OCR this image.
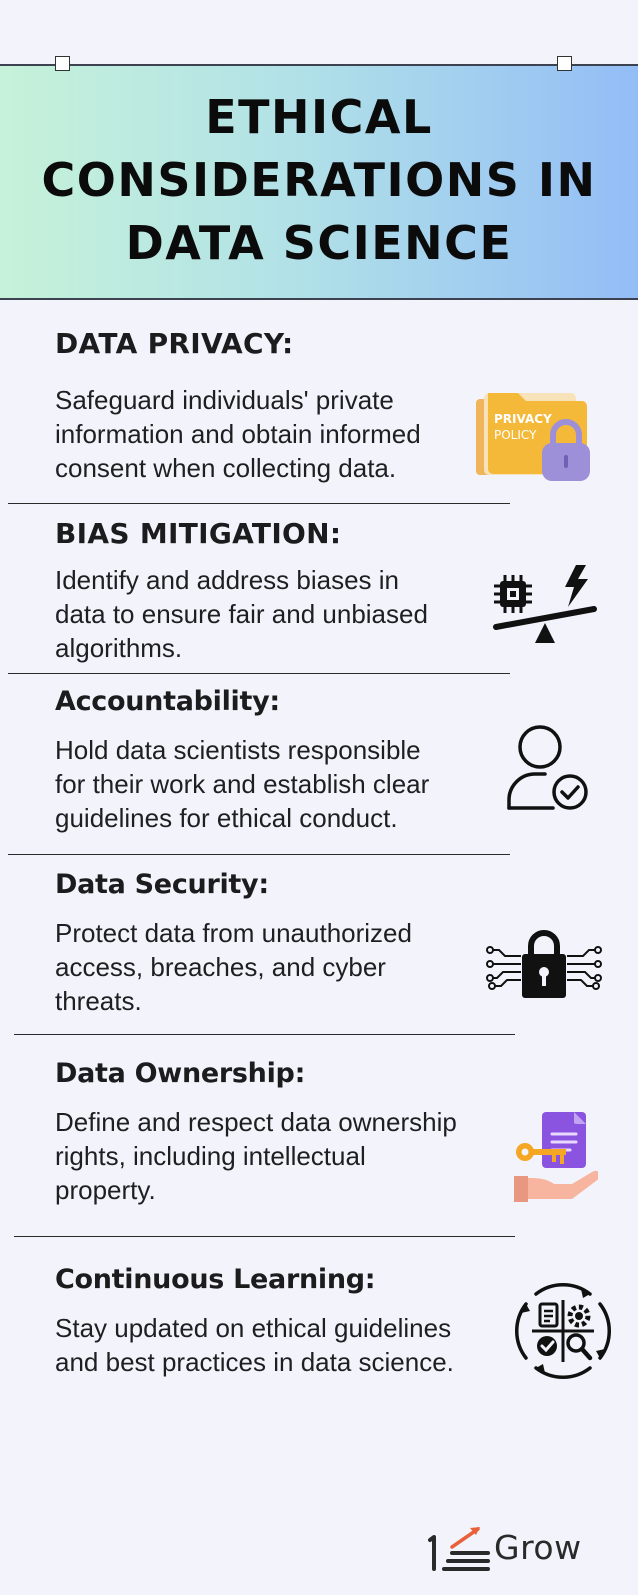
ETHICAL
CONSIDERATIONS IN
DATA SCIENCE
DATA PRIVACY:

Safeguard individuals' private
information and obtain informed
consent when collecting data.

PRIVACY
POLICY
BIAS MITIGATION:

Identify and address biases in
data to ensure fair and unbiased
algorithms.

Accountability:

Hold data scientists responsible
for their work and establish clear
guidelines for ethical conduct.

Data Security:

Protect data from unauthorized
access, breaches, and cyber
threats.

Data Ownership:

Define and respect data ownership
rights, including intellectual
property.

Continuous Learning:

Stay updated on ethical guidelines
and best practices in data science.

Grow
